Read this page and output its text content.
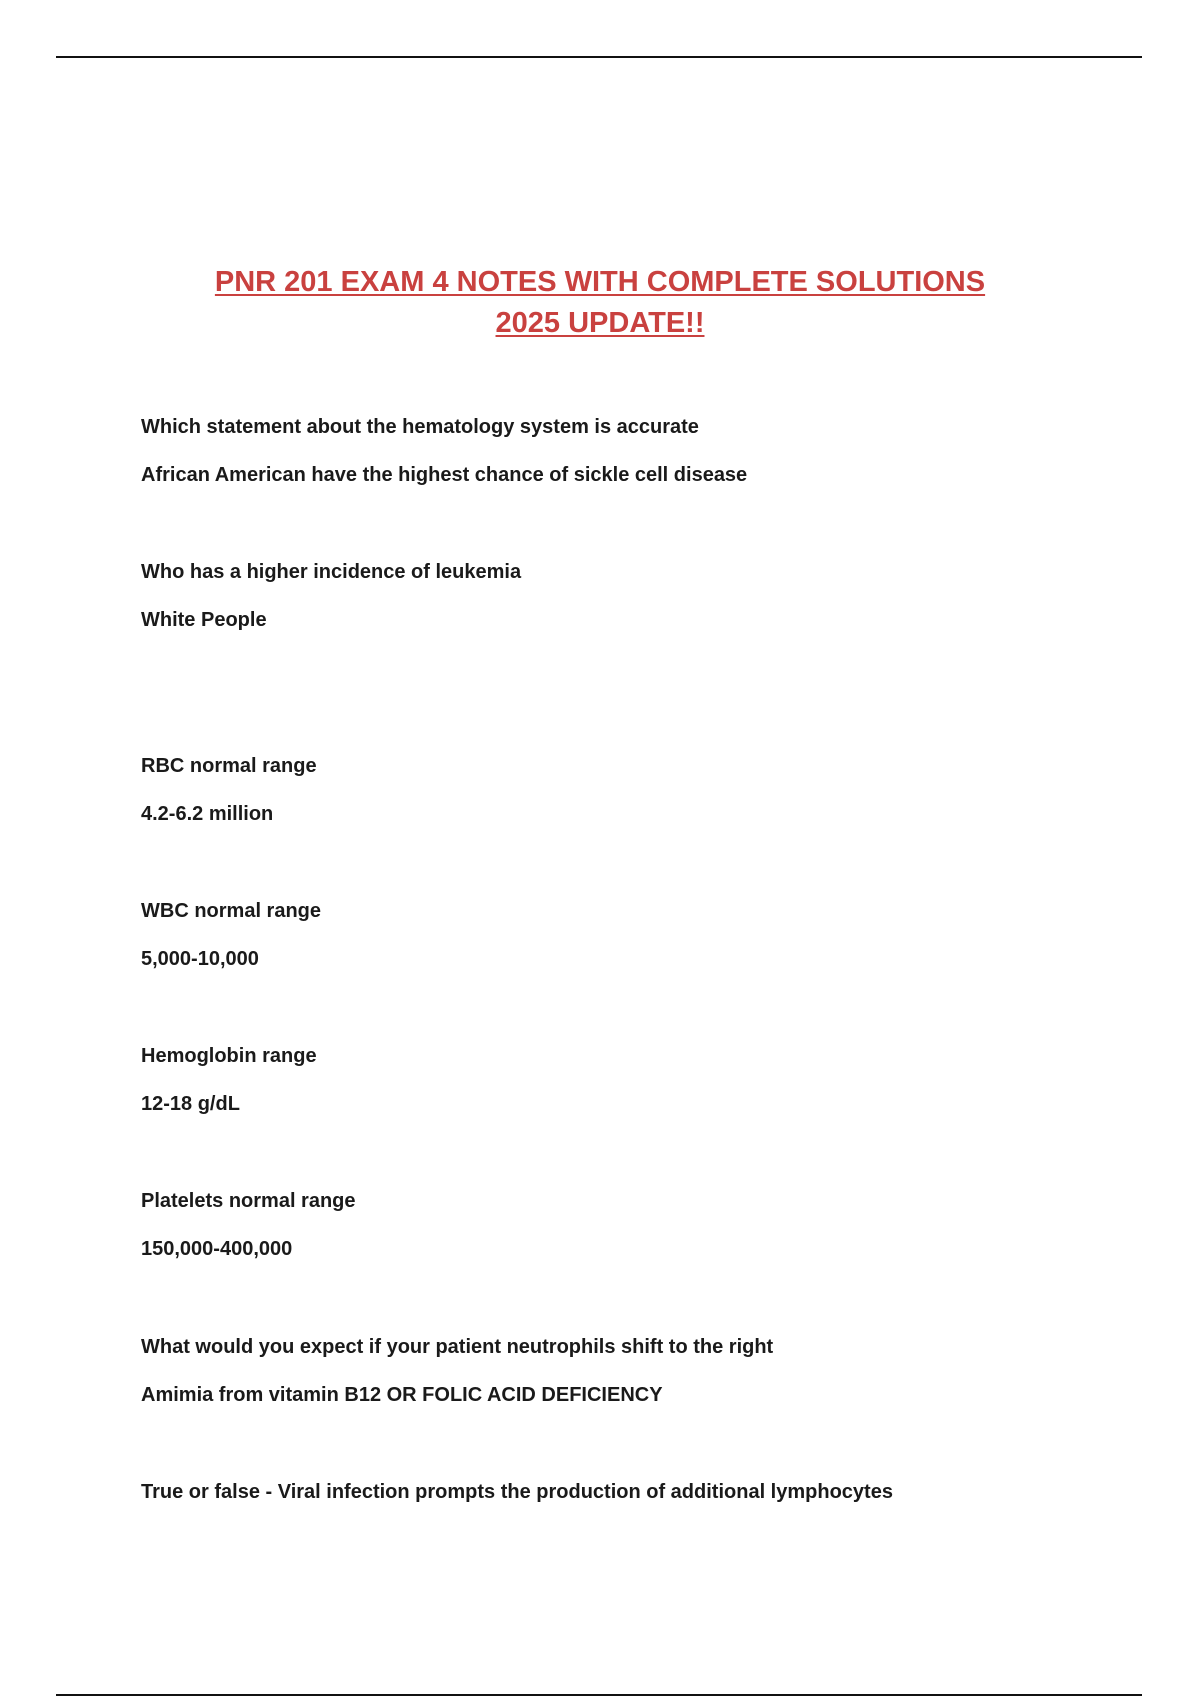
PNR 201 EXAM 4 NOTES WITH COMPLETE SOLUTIONS
2025 UPDATE!!
Which statement about the hematology system is accurate
African American have the highest chance of sickle cell disease
Who has a higher incidence of leukemia
White People
RBC normal range
4.2-6.2 million
WBC normal range
5,000-10,000
Hemoglobin range
12-18 g/dL
Platelets normal range
150,000-400,000
What would you expect if your patient neutrophils shift to the right
Amimia from vitamin B12 OR FOLIC ACID DEFICIENCY
True or false - Viral infection prompts the production of additional lymphocytes
